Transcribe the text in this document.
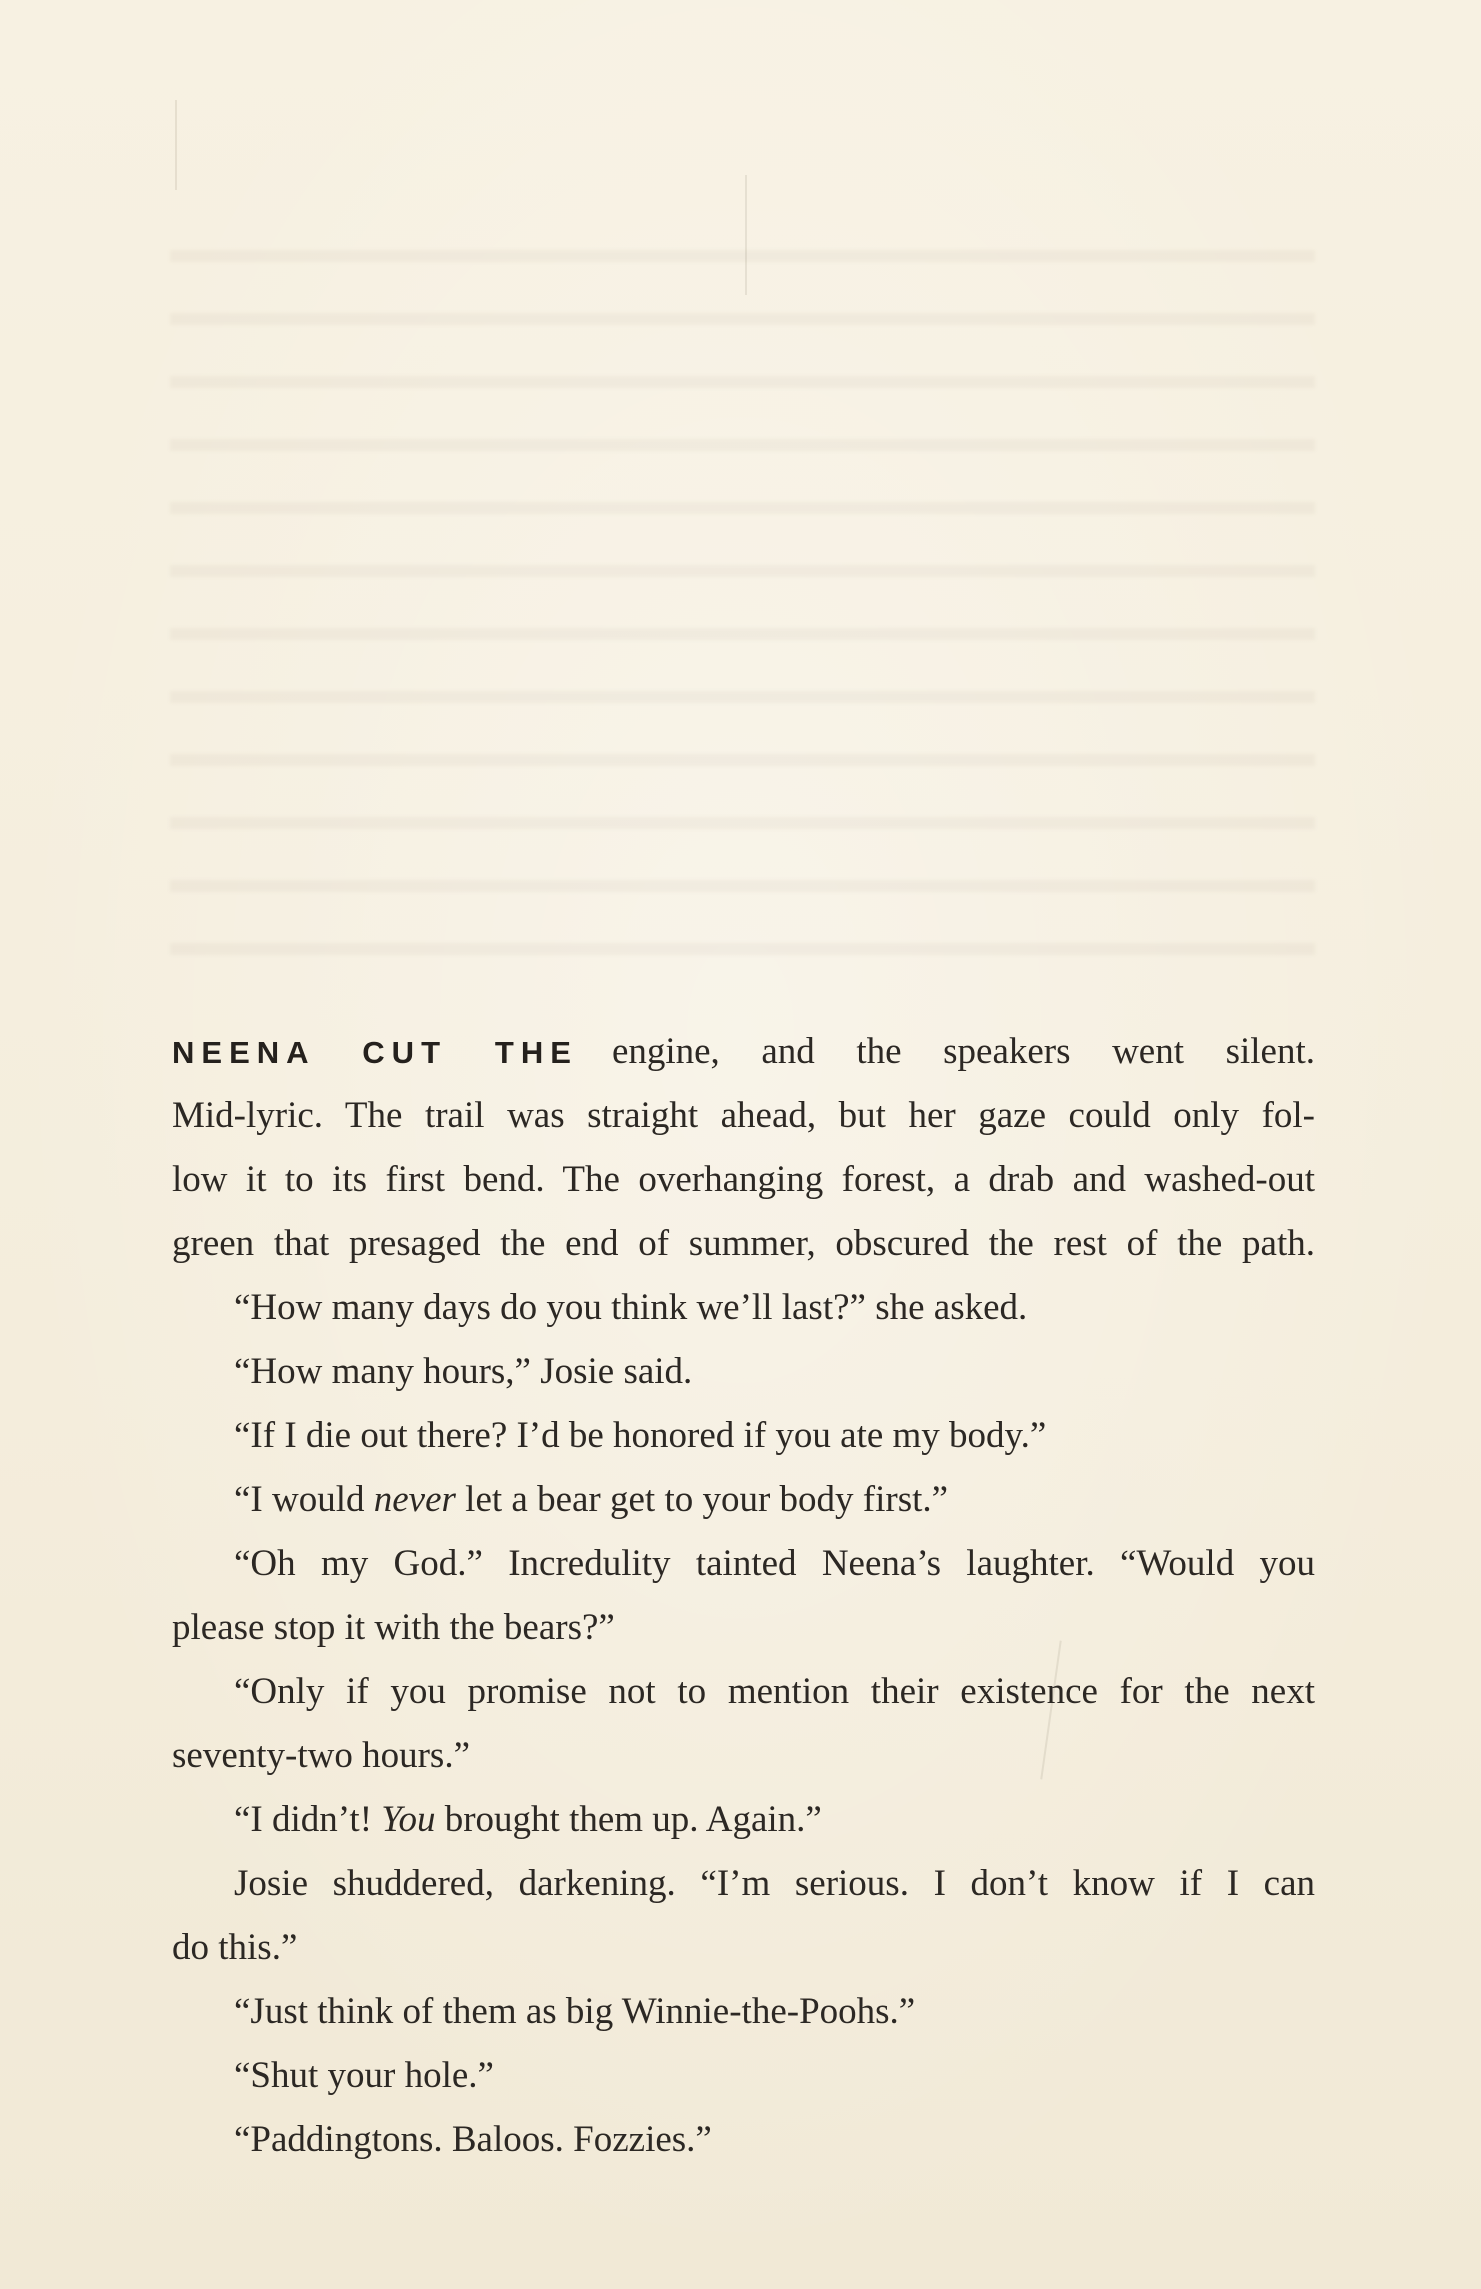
NEENA CUT THE engine, and the speakers went silent.
Mid-lyric. The trail was straight ahead, but her gaze could only fol-
low it to its first bend. The overhanging forest, a drab and washed-out
green that presaged the end of summer, obscured the rest of the path.
“How many days do you think we’ll last?” she asked.
“How many hours,” Josie said.
“If I die out there? I’d be honored if you ate my body.”
“I would never let a bear get to your body first.”
“Oh my God.” Incredulity tainted Neena’s laughter. “Would you
please stop it with the bears?”
“Only if you promise not to mention their existence for the next
seventy-two hours.”
“I didn’t! You brought them up. Again.”
Josie shuddered, darkening. “I’m serious. I don’t know if I can
do this.”
“Just think of them as big Winnie-the-Poohs.”
“Shut your hole.”
“Paddingtons. Baloos. Fozzies.”
